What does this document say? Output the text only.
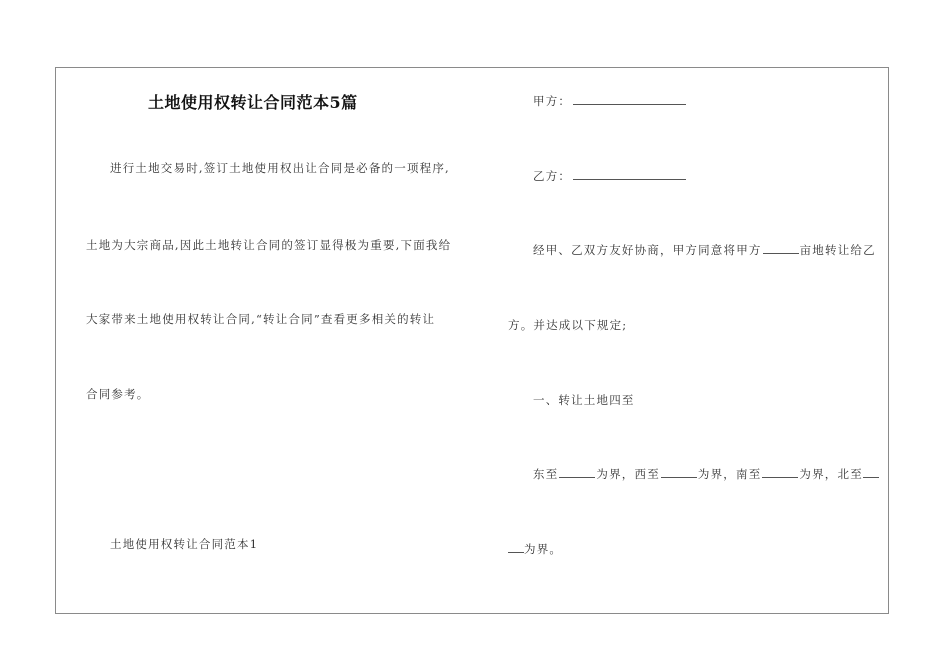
土地使用权转让合同范本5篇
进行土地交易时,签订土地使用权出让合同是必备的一项程序,
土地为大宗商品,因此土地转让合同的签订显得极为重要,下面我给
大家带来土地使用权转让合同,“转让合同”查看更多相关的转让
合同参考。
土地使用权转让合同范本1
甲方：
乙方：
经甲、乙双方友好协商，甲方同意将甲方	亩地转让给乙
方。并达成以下规定;
一、转让土地四至
东至	为界，西至	为界，南至	为界，北至
为界。
